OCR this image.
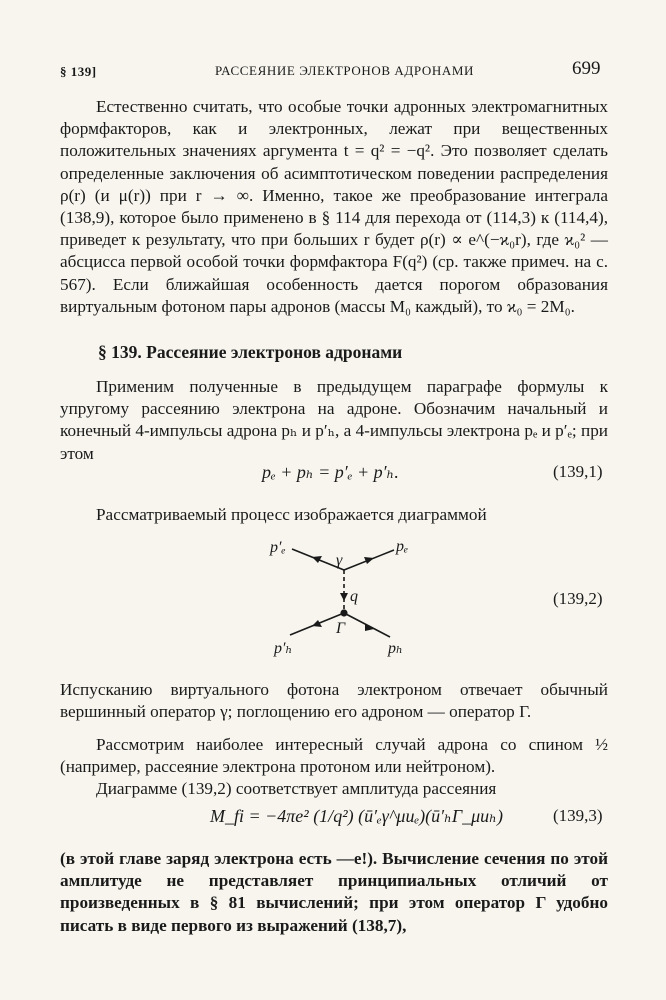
§ 139]	РАССЕЯНИЕ ЭЛЕКТРОНОВ АДРОНАМИ	699

Естественно считать, что особые точки адронных электромагнитных формфакторов, как и электронных, лежат при вещественных положительных значениях аргумента t = q² = −q². Это позволяет сделать определенные заключения об асимптотическом поведении распределения ρ(r) (и μ(r)) при r → ∞. Именно, такое же преобразование интеграла (138,9), которое было применено в § 114 для перехода от (114,3) к (114,4), приведет к результату, что при больших r будет ρ(r) ∝ e^(−ϰ₀r), где ϰ₀² — абсцисса первой особой точки формфактора F(q²) (ср. также примеч. на с. 567). Если ближайшая особенность дается порогом образования виртуальным фотоном пары адронов (массы M₀ каждый), то ϰ₀ = 2M₀.

§ 139. Рассеяние электронов адронами

Применим полученные в предыдущем параграфе формулы к упругому рассеянию электрона на адроне. Обозначим начальный и конечный 4-импульсы адрона pₕ и p′ₕ, а 4-импульсы электрона pₑ и p′ₑ; при этом

pₑ + pₕ = p′ₑ + p′ₕ.	(139,1)

Рассматриваемый процесс изображается диаграммой

p′ₑ	pₑ
γ
q
Γ
p′ₕ	pₕ
(139,2)

Испусканию виртуального фотона электроном отвечает обычный вершинный оператор γ; поглощению его адроном — оператор Γ.

Рассмотрим наиболее интересный случай адрона со спином ½ (например, рассеяние электрона протоном или нейтроном).

Диаграмме (139,2) соответствует амплитуда рассеяния

M_fi = −4πe² (1/q²) (ū′ₑγ^μuₑ)(ū′ₕΓ_μuₕ)	(139,3)

(в этой главе заряд электрона есть —e!). Вычисление сечения по этой амплитуде не представляет принципиальных отличий от произведенных в § 81 вычислений; при этом оператор Γ удобно писать в виде первого из выражений (138,7),
